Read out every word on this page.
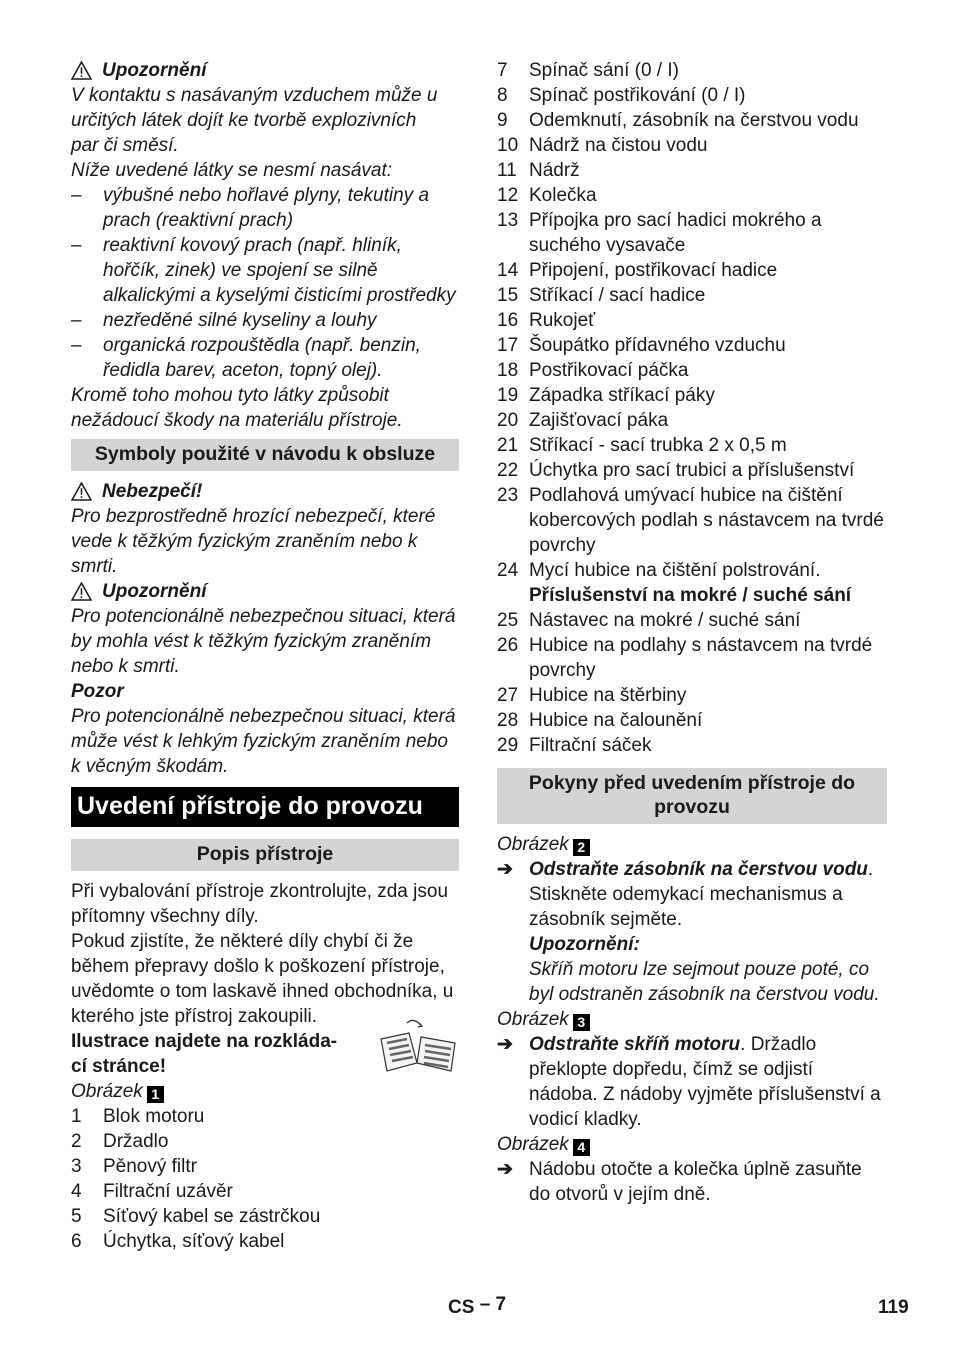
Upozornění

V kontaktu s nasávaným vzduchem může u

určitých látek dojít ke tvorbě explozivních

par či směsí.

Níže uvedené látky se nesmí nasávat:

–	výbušné nebo hořlavé plyny, tekutiny a prach (reaktivní prach)
–	reaktivní kovový prach (např. hliník, hořčík, zinek) ve spojení se silně alkalickými a kyselými čisticími prostředky
–	nezředěné silné kyseliny a louhy
–	organická rozpouštědla (např. benzin, ředidla barev, aceton, topný olej).

Kromě toho mohou tyto látky způsobit nežádoucí škody na materiálu přístroje.

Symboly použité v návodu k obsluze
Nebezpečí!

Pro bezprostředně hrozící nebezpečí, které vede k těžkým fyzickým zraněním nebo k smrti.

Upozornění

Pro potencionálně nebezpečnou situaci, která by mohla vést k těžkým fyzickým zraněním nebo k smrti.

Pozor

Pro potencionálně nebezpečnou situaci, která může vést k lehkým fyzickým zraněním nebo k věcným škodám.

Uvedení přístroje do provozu
Popis přístroje

Při vybalování přístroje zkontrolujte, zda jsou přítomny všechny díly.

Pokud zjistíte, že některé díly chybí či že během přepravy došlo k poškození přístroje, uvědomte o tom laskavě ihned obchodníka, u kterého jste přístroj zakoupili.

Ilustrace najdete na rozkláda-
cí stránce!

Obrázek 1

1	Blok motoru
2	Držadlo
3	Pěnový filtr
4	Filtrační uzávěr
5	Síťový kabel se zástrčkou
6	Úchytka, síťový kabel
7	Spínač sání (0 / I)
8	Spínač postřikování (0 / I)
9	Odemknutí, zásobník na čerstvou vodu
10 Nádrž na čistou vodu
11 Nádrž
12 Kolečka
13 Přípojka pro sací hadici mokrého a suchého vysavače
14 Připojení, postřikovací hadice
15 Stříkací / sací hadice
16 Rukojeť
17 Šoupátko přídavného vzduchu
18 Postřikovací páčka
19 Západka stříkací páky
20 Zajišťovací páka
21 Stříkací - sací trubka 2 x 0,5 m
22 Úchytka pro sací trubici a příslušenství
23 Podlahová umývací hubice na čištění kobercových podlah s nástavcem na tvrdé povrchy
24 Mycí hubice na čištění polstrování.

Příslušenství na mokré / suché sání

25 Nástavec na mokré / suché sání
26 Hubice na podlahy s nástavcem na tvrdé povrchy
27 Hubice na štěrbiny
28 Hubice na čalounění
29 Filtrační sáček
Pokyny před uvedením přístroje do provozu

Obrázek 2

➔ Odstraňte zásobník na čerstvou vodu. Stiskněte odemykací mechanismus a zásobník sejměte.

Upozornění:

Skříň motoru lze sejmout pouze poté, co byl odstraněn zásobník na čerstvou vodu.

Obrázek 3

➔ Odstraňte skříň motoru. Držadlo překlopte dopředu, čímž se odjistí nádoba. Z nádoby vyjměte příslušenství a vodicí kladky.

Obrázek 4

➔ Nádobu otočte a kolečka úplně zasuňte do otvorů v jejím dně.
CS – 7	119
